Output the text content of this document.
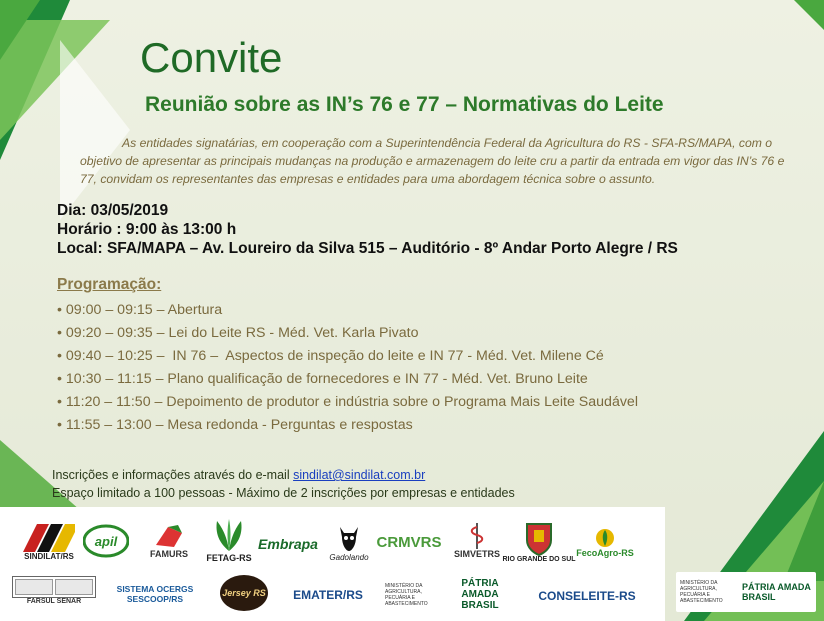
Convite
Reunião sobre as IN’s 76 e 77 – Normativas do Leite
As entidades signatárias, em cooperação com a Superintendência Federal da Agricultura do RS - SFA-RS/MAPA, com o objetivo de apresentar as principais mudanças na produção e armazenagem do leite cru a partir da entrada em vigor das IN’s 76 e 77, convidam os representantes das empresas e entidades para uma abordagem técnica sobre o assunto.
Dia: 03/05/2019
Horário : 9:00 às 13:00 h
Local: SFA/MAPA – Av. Loureiro da Silva 515 – Auditório - 8º Andar Porto Alegre / RS
Programação:
• 09:00 – 09:15 – Abertura
• 09:20 – 09:35 – Lei do Leite RS - Méd. Vet. Karla Pivato
• 09:40 – 10:25 –  IN 76 –  Aspectos de inspeção do leite e IN 77 - Méd. Vet. Milene Cé
• 10:30 – 11:15 – Plano qualificação de fornecedores e IN 77 - Méd. Vet. Bruno Leite
• 11:20 – 11:50 – Depoimento de produtor e indústria sobre o Programa Mais Leite Saudável
• 11:55 – 13:00 – Mesa redonda - Perguntas e respostas
Inscrições e informações através do e-mail sindilat@sindilat.com.br
Espaço limitado a 100 pessoas - Máximo de 2 inscrições por empresas e entidades
SINDILAT/RS
apil
FAMURS FETAG-RS
Embrapa
Gadolando
CRMVRS
SIMVETRS RIO GRANDE DO SUL
FecoAgro-RS
FARSUL SENAR
SISTEMA OCERGS SESCOOP/RS
Jersey RS EMATER/RS
MINISTÉRIO DA AGRICULTURA, PECUÁRIA E ABASTECIMENTO
PÁTRIA AMADA BRASIL
CONSELEITE-RS
MINISTÉRIO DA AGRICULTURA, PECUÁRIA E ABASTECIMENTO
PÁTRIA AMADA BRASIL
